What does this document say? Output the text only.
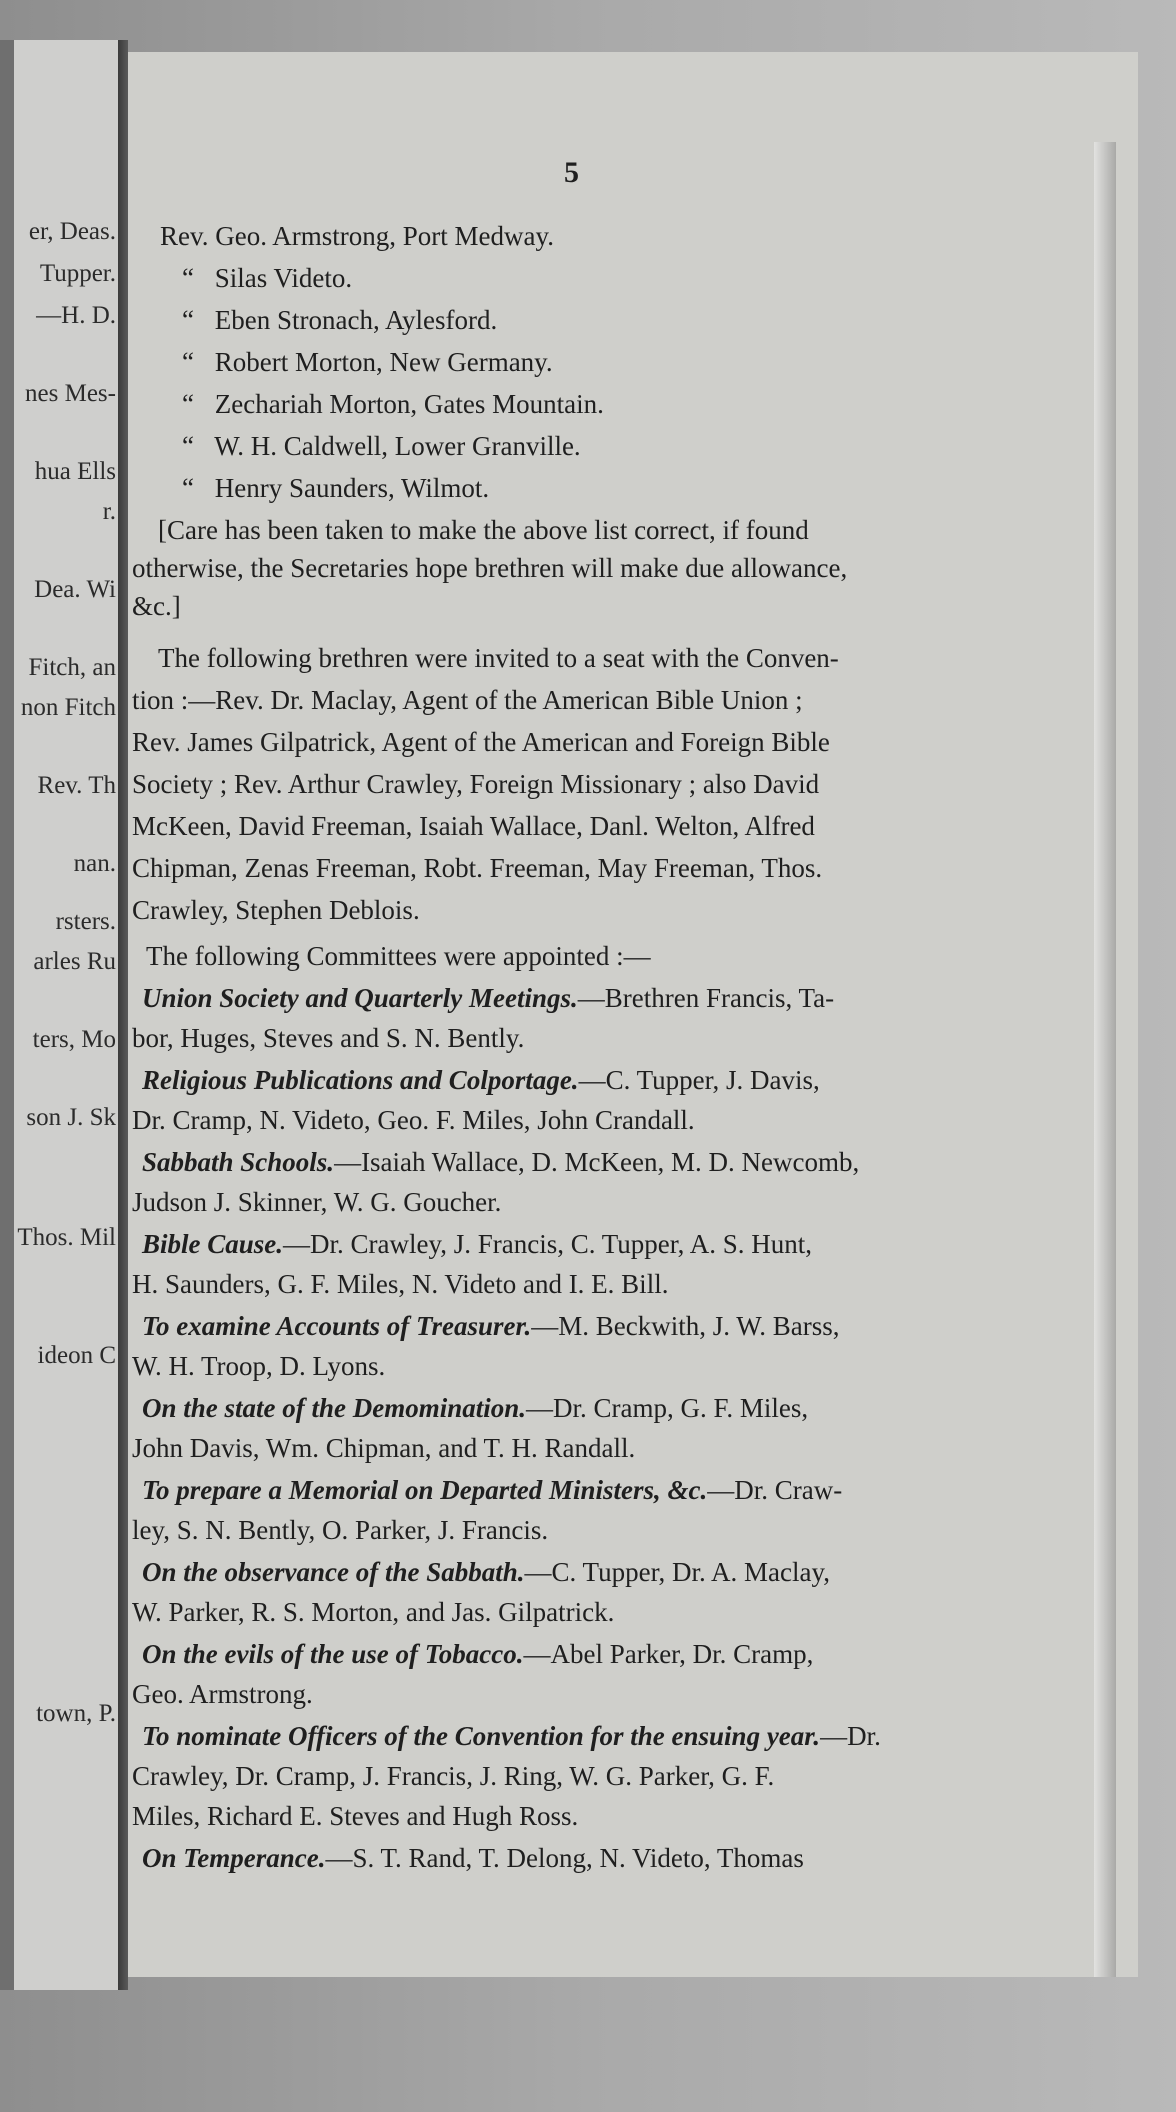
er, Deas.
Tupper.
—H. D.
nes Mes-
hua Ells
r.
Dea. Wi
Fitch, an
non Fitch
Rev. Th
nan.
rsters.
arles Ru
ters, Mo
son J. Sk
Thos. Mil
ideon C
town, P.
5
Rev. Geo. Armstrong, Port Medway.
“ Silas Videto.
“ Eben Stronach, Aylesford.
“ Robert Morton, New Germany.
“ Zechariah Morton, Gates Mountain.
“ W. H. Caldwell, Lower Granville.
“ Henry Saunders, Wilmot.
[Care has been taken to make the above list correct, if found
otherwise, the Secretaries hope brethren will make due allowance,
&c.]
The following brethren were invited to a seat with the Conven-
tion :—Rev. Dr. Maclay, Agent of the American Bible Union ;
Rev. James Gilpatrick, Agent of the American and Foreign Bible
Society ; Rev. Arthur Crawley, Foreign Missionary ; also David
McKeen, David Freeman, Isaiah Wallace, Danl. Welton, Alfred
Chipman, Zenas Freeman, Robt. Freeman, May Freeman, Thos.
Crawley, Stephen Deblois.
The following Committees were appointed :—
Union Society and Quarterly Meetings.—Brethren Francis, Ta-
bor, Huges, Steves and S. N. Bently.
Religious Publications and Colportage.—C. Tupper, J. Davis,
Dr. Cramp, N. Videto, Geo. F. Miles, John Crandall.
Sabbath Schools.—Isaiah Wallace, D. McKeen, M. D. Newcomb,
Judson J. Skinner, W. G. Goucher.
Bible Cause.—Dr. Crawley, J. Francis, C. Tupper, A. S. Hunt,
H. Saunders, G. F. Miles, N. Videto and I. E. Bill.
To examine Accounts of Treasurer.—M. Beckwith, J. W. Barss,
W. H. Troop, D. Lyons.
On the state of the Demomination.—Dr. Cramp, G. F. Miles,
John Davis, Wm. Chipman, and T. H. Randall.
To prepare a Memorial on Departed Ministers, &c.—Dr. Craw-
ley, S. N. Bently, O. Parker, J. Francis.
On the observance of the Sabbath.—C. Tupper, Dr. A. Maclay,
W. Parker, R. S. Morton, and Jas. Gilpatrick.
On the evils of the use of Tobacco.—Abel Parker, Dr. Cramp,
Geo. Armstrong.
To nominate Officers of the Convention for the ensuing year.—Dr.
Crawley, Dr. Cramp, J. Francis, J. Ring, W. G. Parker, G. F.
Miles, Richard E. Steves and Hugh Ross.
On Temperance.—S. T. Rand, T. Delong, N. Videto, Thomas
